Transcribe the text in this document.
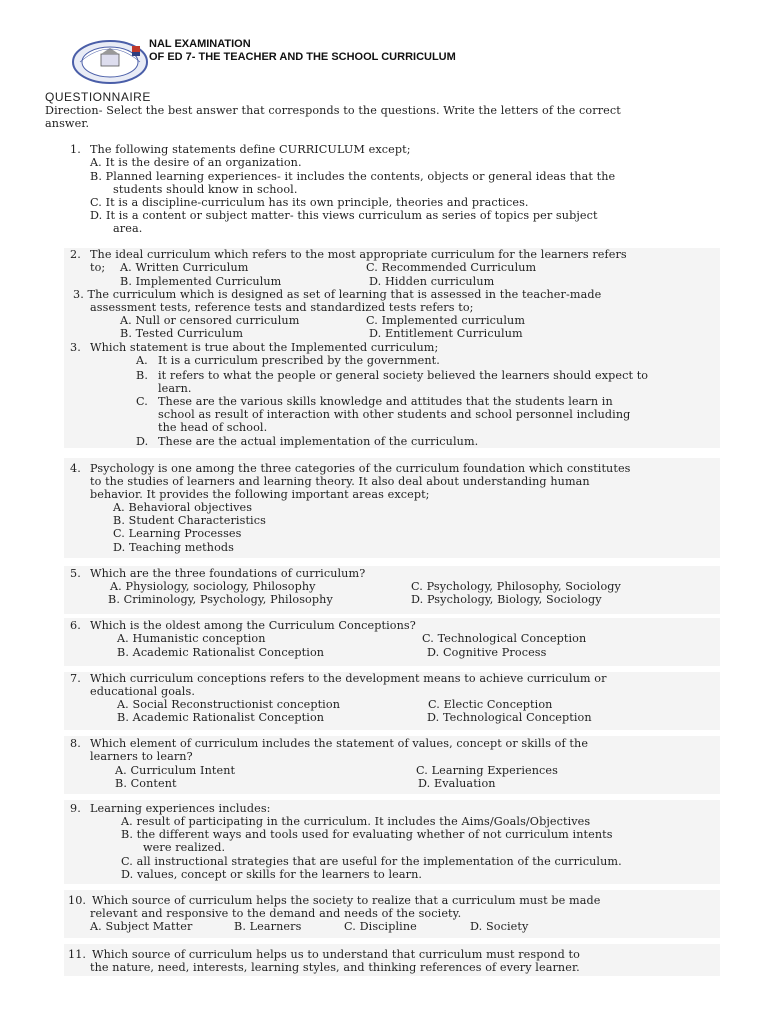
NAL EXAMINATION
OF ED 7- THE TEACHER AND THE SCHOOL CURRICULUM
QUESTIONNAIRE
Direction- Select the best answer that corresponds to the questions. Write the letters of the correct
answer.
1. The following statements define CURRICULUM except;
A. It is the desire of an organization.
B. Planned learning experiences- it includes the contents, objects or general ideas that the
students should know in school.
C. It is a discipline-curriculum has its own principle, theories and practices.
D. It is a content or subject matter- this views curriculum as series of topics per subject
area.
2. The ideal curriculum which refers to the most appropriate curriculum for the learners refers
to; A. Written Curriculum	C. Recommended Curriculum
B. Implemented Curriculum	D. Hidden curriculum
3. The curriculum which is designed as set of learning that is assessed in the teacher-made
assessment tests, reference tests and standardized tests refers to;
A. Null or censored curriculum	C. Implemented curriculum
B. Tested Curriculum	D. Entitlement Curriculum
3. Which statement is true about the Implemented curriculum;
A. It is a curriculum prescribed by the government.
B. it refers to what the people or general society believed the learners should expect to
learn.
C. These are the various skills knowledge and attitudes that the students learn in
school as result of interaction with other students and school personnel including
the head of school.
D. These are the actual implementation of the curriculum.
4. Psychology is one among the three categories of the curriculum foundation which constitutes
to the studies of learners and learning theory. It also deal about understanding human
behavior. It provides the following important areas except;
A. Behavioral objectives
B. Student Characteristics
C. Learning Processes
D. Teaching methods
5. Which are the three foundations of curriculum?
A. Physiology, sociology, Philosophy	C. Psychology, Philosophy, Sociology
B. Criminology, Psychology, Philosophy	D. Psychology, Biology, Sociology
6. Which is the oldest among the Curriculum Conceptions?
A. Humanistic conception	C. Technological Conception
B. Academic Rationalist Conception	D. Cognitive Process
7. Which curriculum conceptions refers to the development means to achieve curriculum or
educational goals.
A. Social Reconstructionist conception	C. Electic Conception
B. Academic Rationalist Conception	D. Technological Conception
8. Which element of curriculum includes the statement of values, concept or skills of the
learners to learn?
A. Curriculum Intent	C. Learning Experiences
B. Content	D. Evaluation
9. Learning experiences includes:
A. result of participating in the curriculum. It includes the Aims/Goals/Objectives
B. the different ways and tools used for evaluating whether of not curriculum intents
were realized.
C. all instructional strategies that are useful for the implementation of the curriculum.
D. values, concept or skills for the learners to learn.
10. Which source of curriculum helps the society to realize that a curriculum must be made
relevant and responsive to the demand and needs of the society.
A. Subject Matter	B. Learners	C. Discipline	D. Society
11. Which source of curriculum helps us to understand that curriculum must respond to
the nature, need, interests, learning styles, and thinking references of every learner.
